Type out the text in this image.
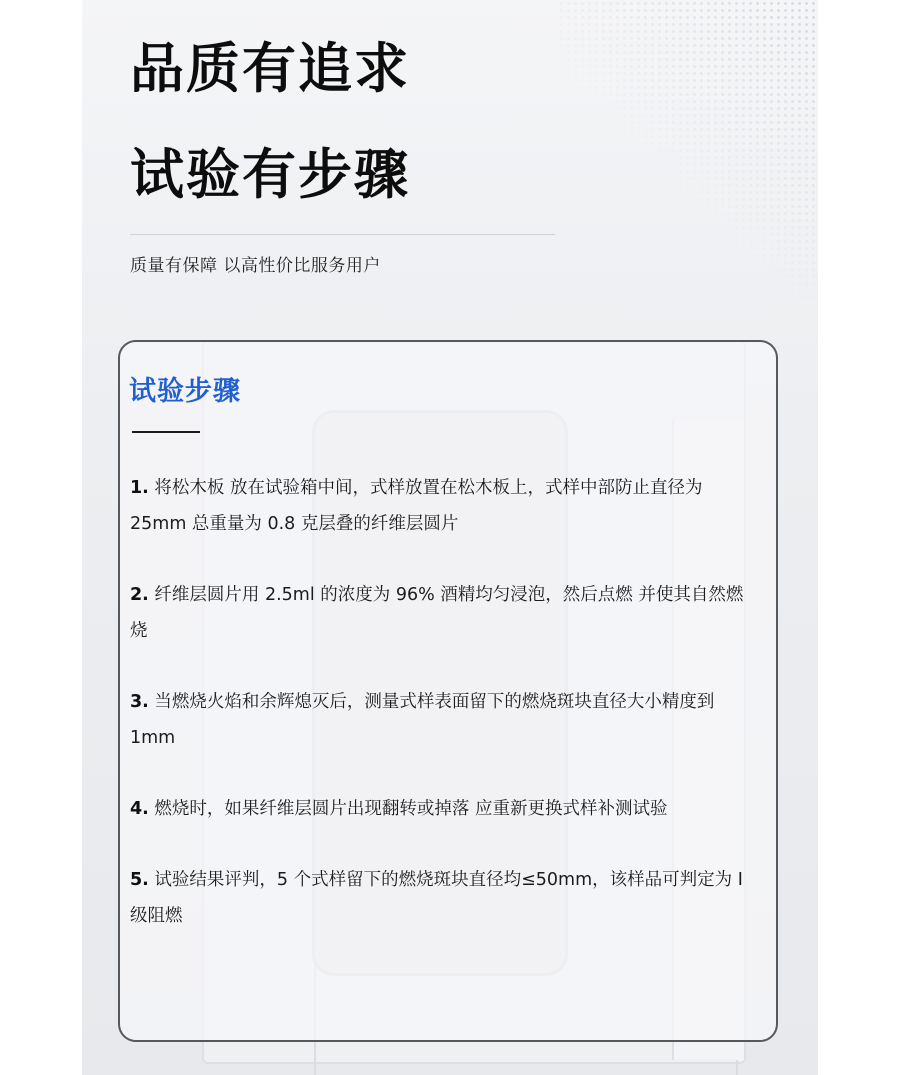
品质有追求
试验有步骤
质量有保障 以高性价比服务用户
试验步骤
1. 将松木板 放在试验箱中间，式样放置在松木板上，式样中部防止直径为 25mm 总重量为 0.8 克层叠的纤维层圆片
2. 纤维层圆片用 2.5ml 的浓度为 96% 酒精均匀浸泡，然后点燃 并使其自然燃烧
3. 当燃烧火焰和余辉熄灭后，测量式样表面留下的燃烧斑块直径大小精度到 1mm
4. 燃烧时，如果纤维层圆片出现翻转或掉落 应重新更换式样补测试验
5. 试验结果评判，5 个式样留下的燃烧斑块直径均≤50mm，该样品可判定为 Ⅰ 级阻燃
